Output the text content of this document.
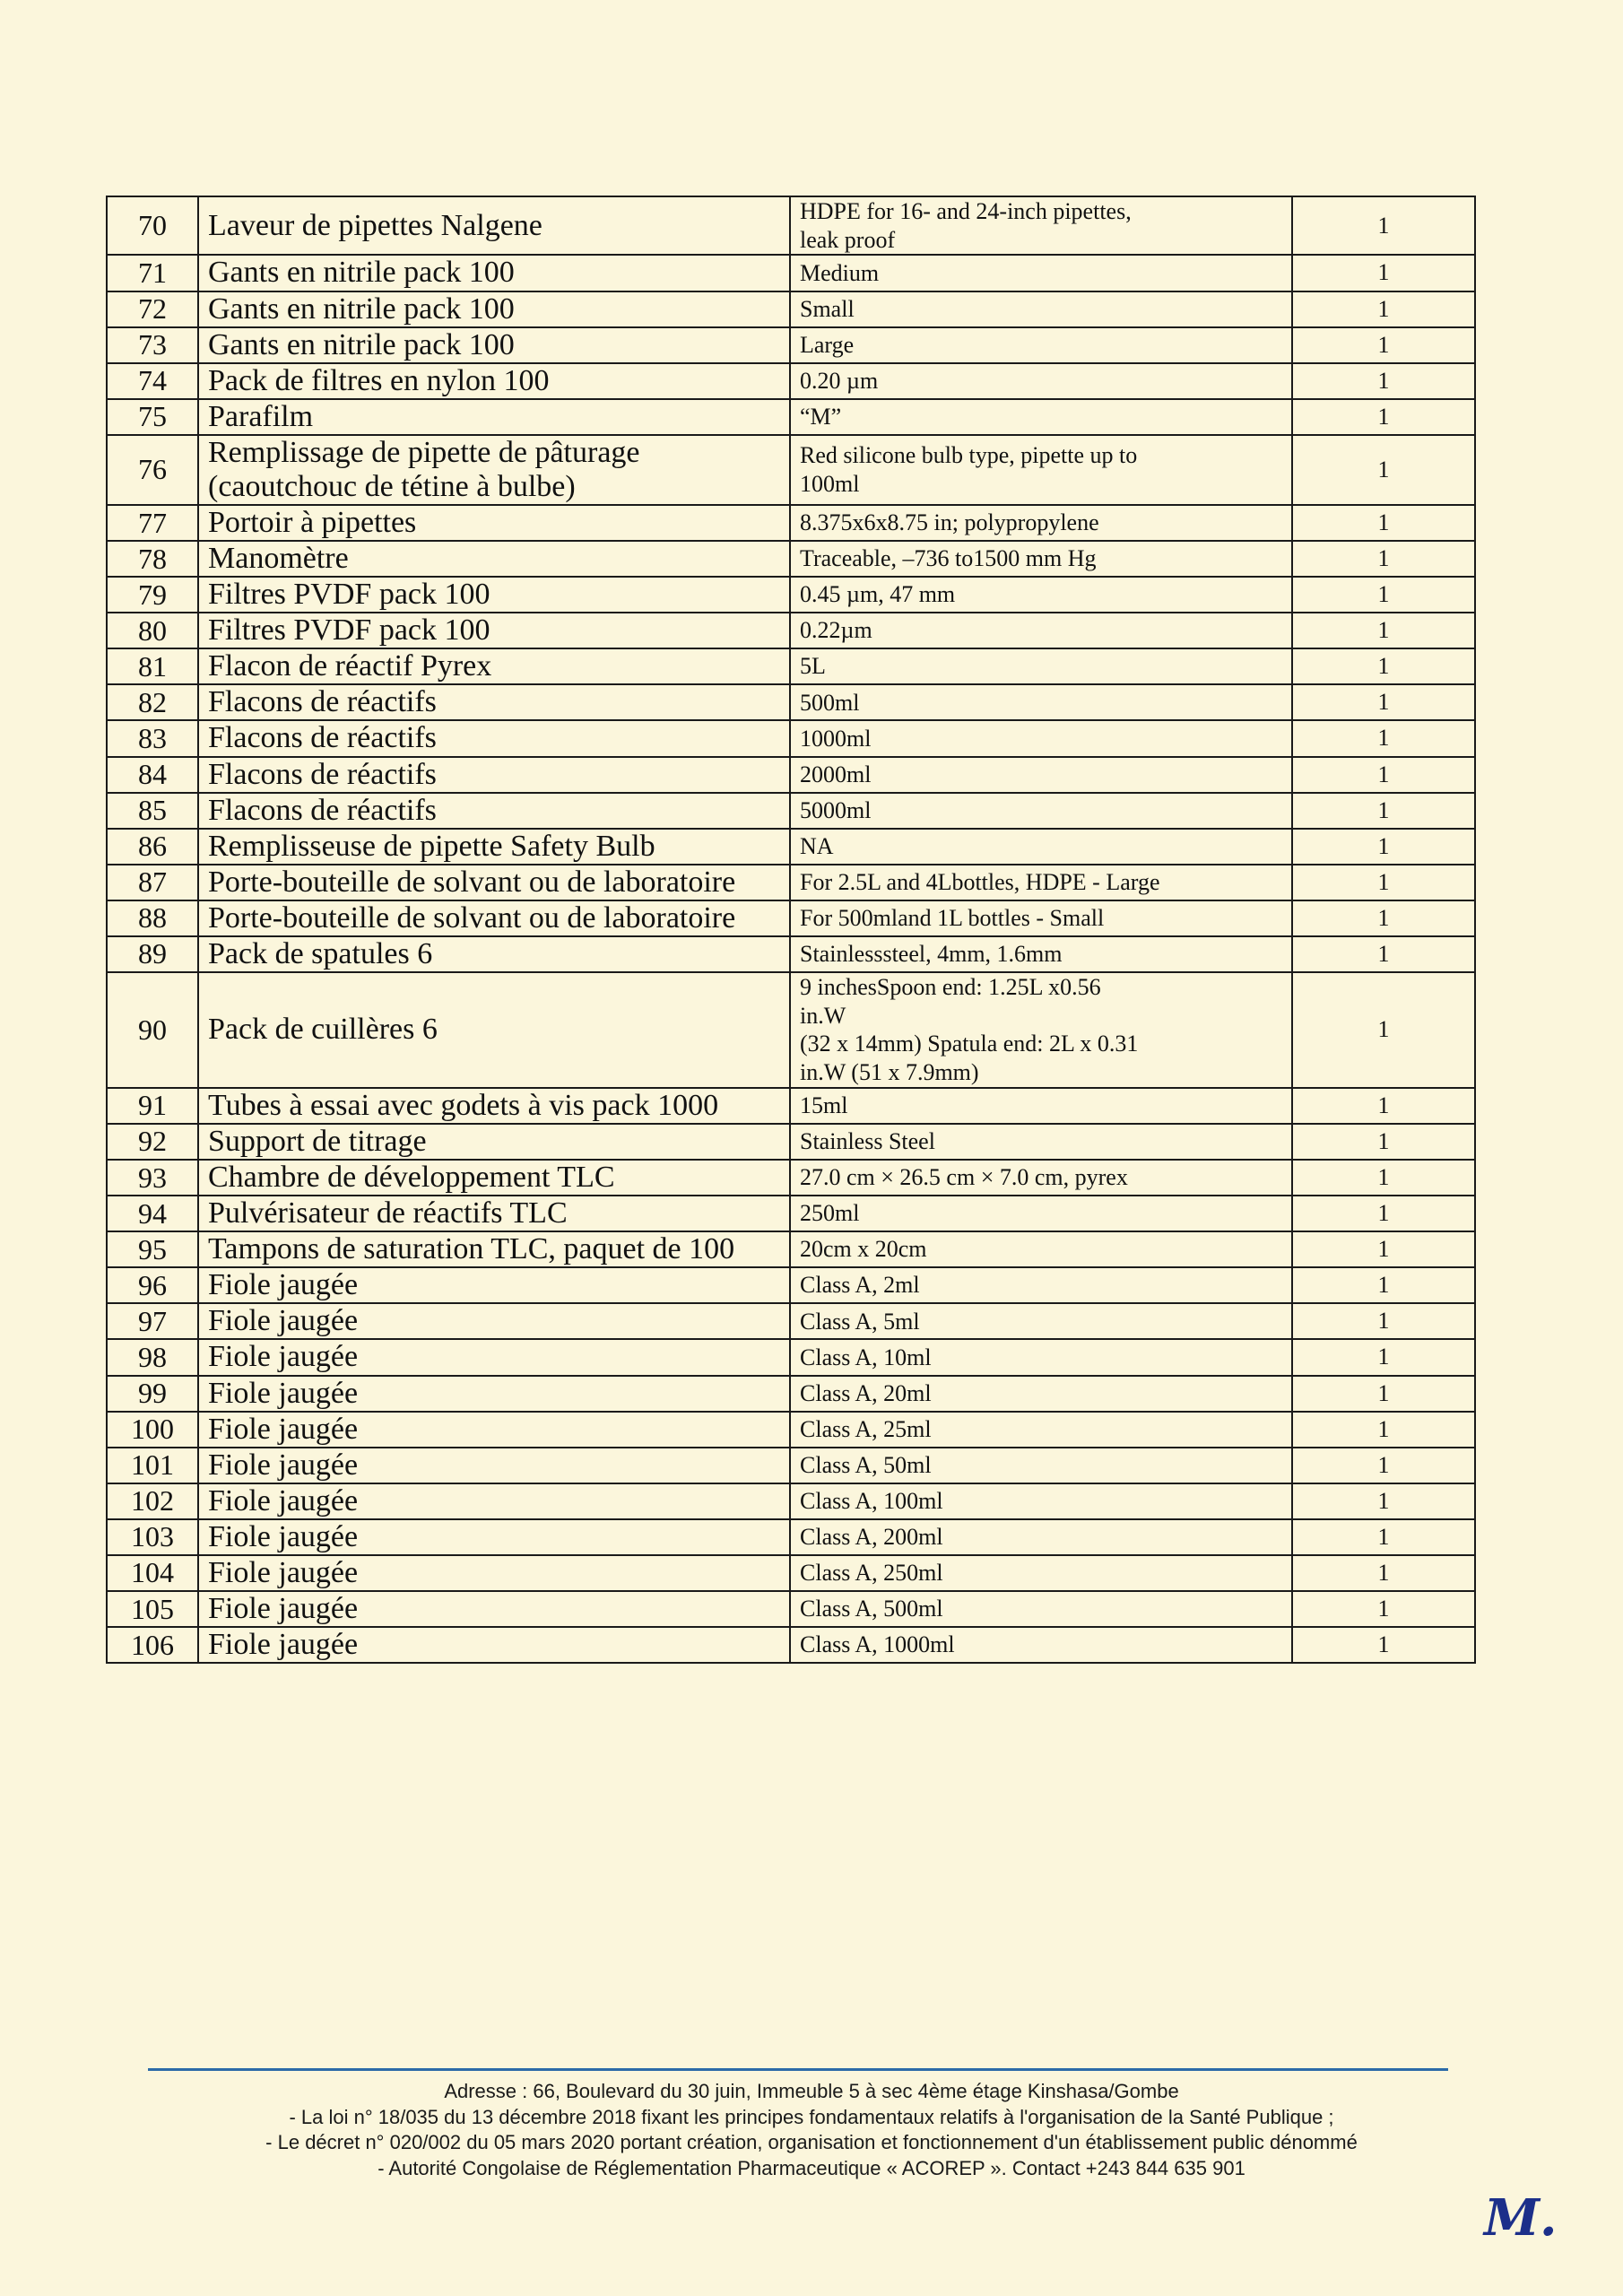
70	Laveur de pipettes Nalgene	HDPE for 16- and 24-inch pipettes,
leak proof	1
71	Gants en nitrile pack 100	Medium	1
72	Gants en nitrile pack 100	Small	1
73	Gants en nitrile pack 100	Large	1
74	Pack de filtres en nylon 100	0.20 µm	1
75	Parafilm	“M”	1
76	Remplissage de pipette de pâturage (caoutchouc de tétine à bulbe)	Red silicone bulb type, pipette up to
100ml	1
77	Portoir à pipettes	8.375x6x8.75 in; polypropylene	1
78	Manomètre	Traceable, –736 to1500 mm Hg	1
79	Filtres PVDF pack 100	0.45 µm, 47 mm	1
80	Filtres PVDF pack 100	0.22µm	1
81	Flacon de réactif Pyrex	5L	1
82	Flacons de réactifs	500ml	1
83	Flacons de réactifs	1000ml	1
84	Flacons de réactifs	2000ml	1
85	Flacons de réactifs	5000ml	1
86	Remplisseuse de pipette Safety Bulb	NA	1
87	Porte-bouteille de solvant ou de laboratoire	For 2.5L and 4Lbottles, HDPE - Large	1
88	Porte-bouteille de solvant ou de laboratoire	For 500mland 1L bottles - Small	1
89	Pack de spatules 6	Stainlesssteel, 4mm, 1.6mm	1
90	Pack de cuillères 6	9 inchesSpoon end: 1.25L x0.56
in.W
(32 x 14mm) Spatula end: 2L x 0.31
in.W (51 x 7.9mm)	1
91	Tubes à essai avec godets à vis pack 1000	15ml	1
92	Support de titrage	Stainless Steel	1
93	Chambre de développement TLC	27.0 cm × 26.5 cm × 7.0 cm, pyrex	1
94	Pulvérisateur de réactifs TLC	250ml	1
95	Tampons de saturation TLC, paquet de 100	20cm x 20cm	1
96	Fiole jaugée	Class A, 2ml	1
97	Fiole jaugée	Class A, 5ml	1
98	Fiole jaugée	Class A, 10ml	1
99	Fiole jaugée	Class A, 20ml	1
100	Fiole jaugée	Class A, 25ml	1
101	Fiole jaugée	Class A, 50ml	1
102	Fiole jaugée	Class A, 100ml	1
103	Fiole jaugée	Class A, 200ml	1
104	Fiole jaugée	Class A, 250ml	1
105	Fiole jaugée	Class A, 500ml	1
106	Fiole jaugée	Class A, 1000ml	1
Adresse : 66, Boulevard du 30 juin, Immeuble 5 à sec 4ème étage Kinshasa/Gombe
- La loi n° 18/035 du 13 décembre 2018 fixant les principes fondamentaux relatifs à l'organisation de la Santé Publique ;
- Le décret n° 020/002 du 05 mars 2020 portant création, organisation et fonctionnement d'un établissement public dénommé
- Autorité Congolaise de Réglementation Pharmaceutique « ACOREP ». Contact +243 844 635 901
M.
